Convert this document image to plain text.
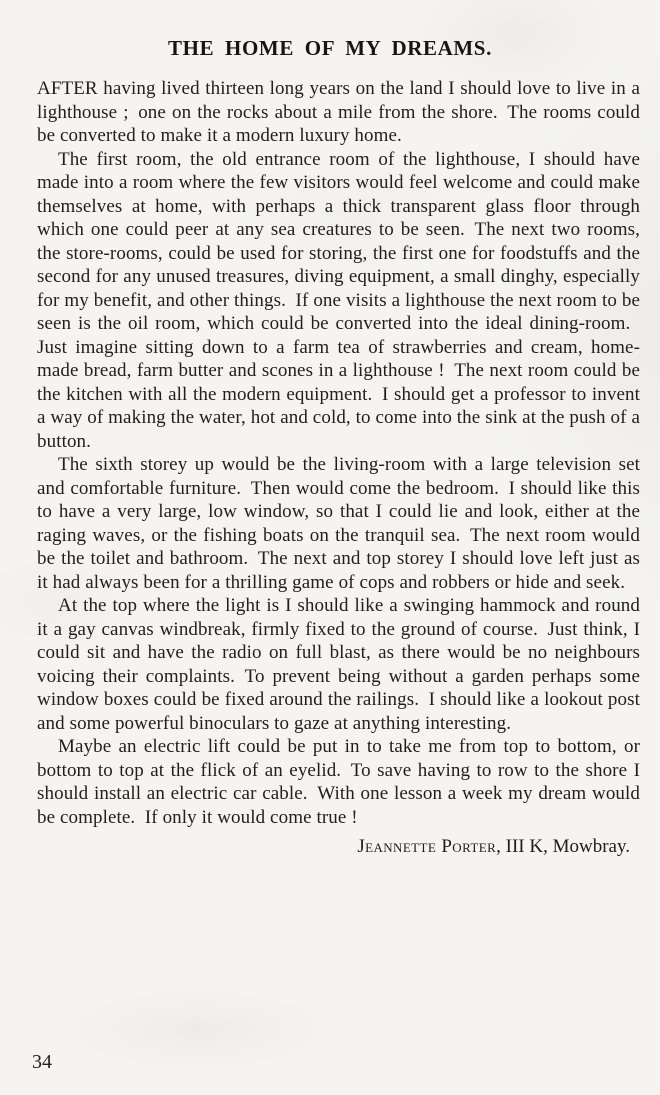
THE HOME OF MY DREAMS.

AFTER having lived thirteen long years on the land I should love to live in a lighthouse ; one on the rocks about a mile from the shore. The rooms could be converted to make it a modern luxury home.

The first room, the old entrance room of the lighthouse, I should have made into a room where the few visitors would feel welcome and could make themselves at home, with perhaps a thick transparent glass floor through which one could peer at any sea creatures to be seen. The next two rooms, the store-rooms, could be used for storing, the first one for foodstuffs and the second for any unused treasures, diving equipment, a small dinghy, especially for my benefit, and other things. If one visits a lighthouse the next room to be seen is the oil room, which could be converted into the ideal dining-room. Just imagine sitting down to a farm tea of strawberries and cream, home-made bread, farm butter and scones in a lighthouse ! The next room could be the kitchen with all the modern equipment. I should get a professor to invent a way of making the water, hot and cold, to come into the sink at the push of a button.

The sixth storey up would be the living-room with a large television set and comfortable furniture. Then would come the bedroom. I should like this to have a very large, low window, so that I could lie and look, either at the raging waves, or the fishing boats on the tranquil sea. The next room would be the toilet and bathroom. The next and top storey I should love left just as it had always been for a thrilling game of cops and robbers or hide and seek.

At the top where the light is I should like a swinging hammock and round it a gay canvas windbreak, firmly fixed to the ground of course. Just think, I could sit and have the radio on full blast, as there would be no neighbours voicing their complaints. To prevent being without a garden perhaps some window boxes could be fixed around the railings. I should like a lookout post and some powerful binoculars to gaze at anything interesting.

Maybe an electric lift could be put in to take me from top to bottom, or bottom to top at the flick of an eyelid. To save having to row to the shore I should install an electric car cable. With one lesson a week my dream would be complete. If only it would come true !

Jeannette Porter, III K, Mowbray.
34
